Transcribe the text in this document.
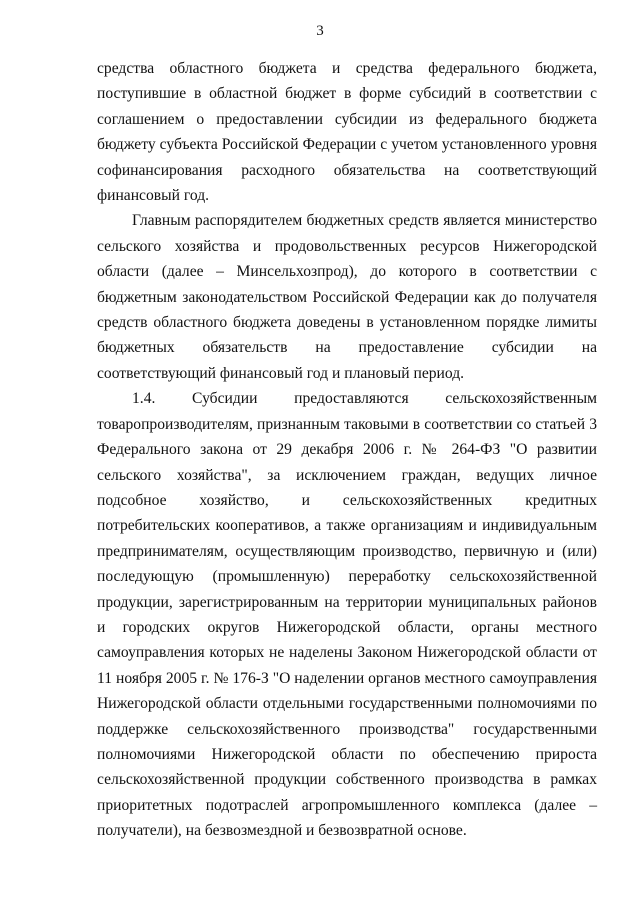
3

средства областного бюджета и средства федерального бюджета, поступившие в областной бюджет в форме субсидий в соответствии с соглашением о предоставлении субсидии из федерального бюджета бюджету субъекта Российской Федерации с учетом установленного уровня софинансирования расходного обязательства на соответствующий финансовый год.

Главным распорядителем бюджетных средств является министерство сельского хозяйства и продовольственных ресурсов Нижегородской области (далее – Минсельхозпрод), до которого в соответствии с бюджетным законодательством Российской Федерации как до получателя средств областного бюджета доведены в установленном порядке лимиты бюджетных обязательств на предоставление субсидии на соответствующий финансовый год и плановый период.

1.4. Субсидии предоставляются сельскохозяйственным товаропроизводителям, признанным таковыми в соответствии со статьей 3 Федерального закона от 29 декабря 2006 г. № 264-ФЗ "О развитии сельского хозяйства", за исключением граждан, ведущих личное подсобное хозяйство, и сельскохозяйственных кредитных потребительских кооперативов, а также организациям и индивидуальным предпринимателям, осуществляющим производство, первичную и (или) последующую (промышленную) переработку сельскохозяйственной продукции, зарегистрированным на территории муниципальных районов и городских округов Нижегородской области, органы местного самоуправления которых не наделены Законом Нижегородской области от 11 ноября 2005 г. № 176-З "О наделении органов местного самоуправления Нижегородской области отдельными государственными полномочиями по поддержке сельскохозяйственного производства" государственными полномочиями Нижегородской области по обеспечению прироста сельскохозяйственной продукции собственного производства в рамках приоритетных подотраслей агропромышленного комплекса (далее – получатели), на безвозмездной и безвозвратной основе.
